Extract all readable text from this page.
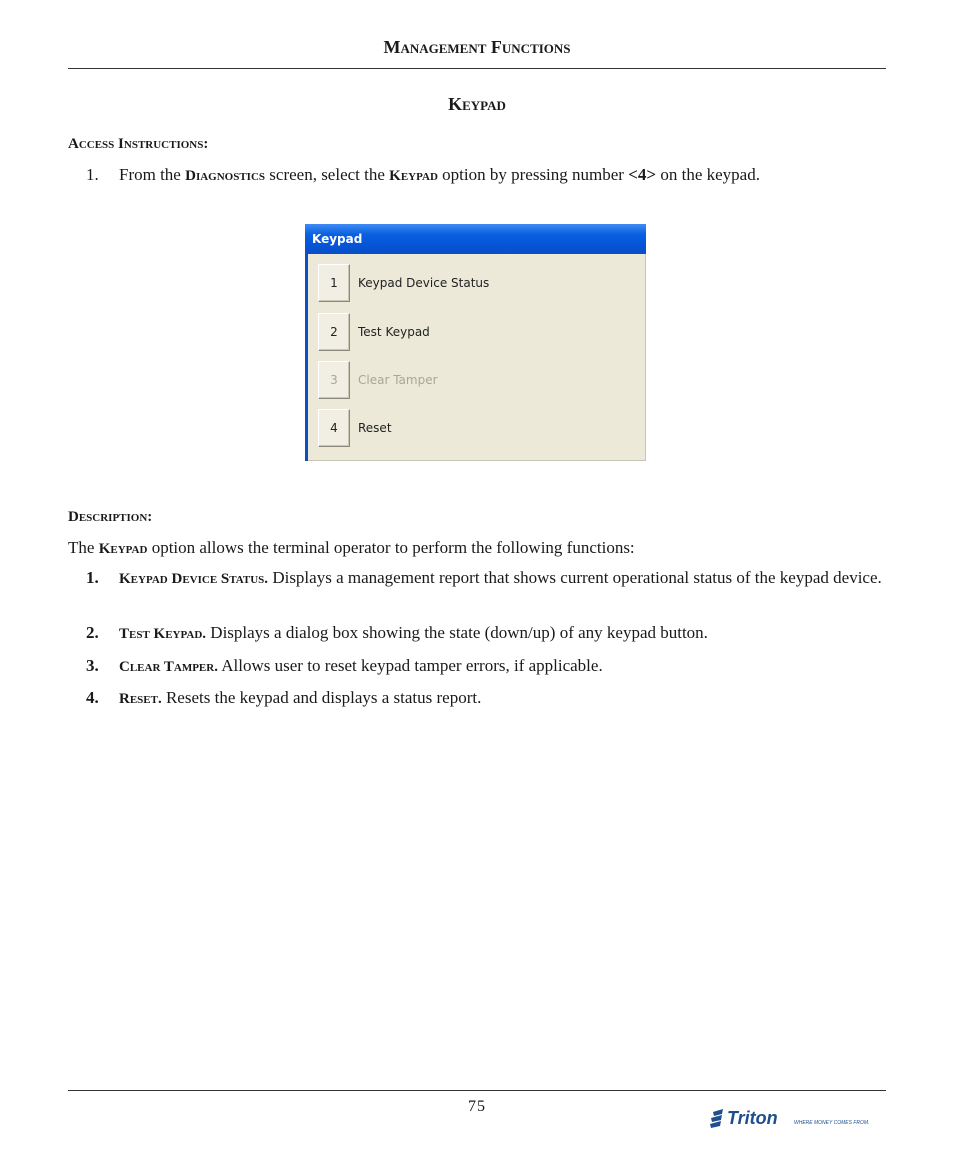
Management Functions
Keypad
Access Instructions:
1. From the Diagnostics screen, select the Keypad option by pressing number <4> on the keypad.
Keypad
1	Keypad Device Status
2	Test Keypad
3	Clear Tamper
4	Reset
Description:
The Keypad option allows the terminal operator to perform the following functions:
1. Keypad Device Status. Displays a management report that shows current operational status of the keypad device.
2. Test Keypad. Displays a dialog box showing the state (down/up) of any keypad button.
3. Clear Tamper. Allows user to reset keypad tamper errors, if applicable.
4. Reset. Resets the keypad and displays a status report.
75
Triton	WHERE MONEY COMES FROM.
